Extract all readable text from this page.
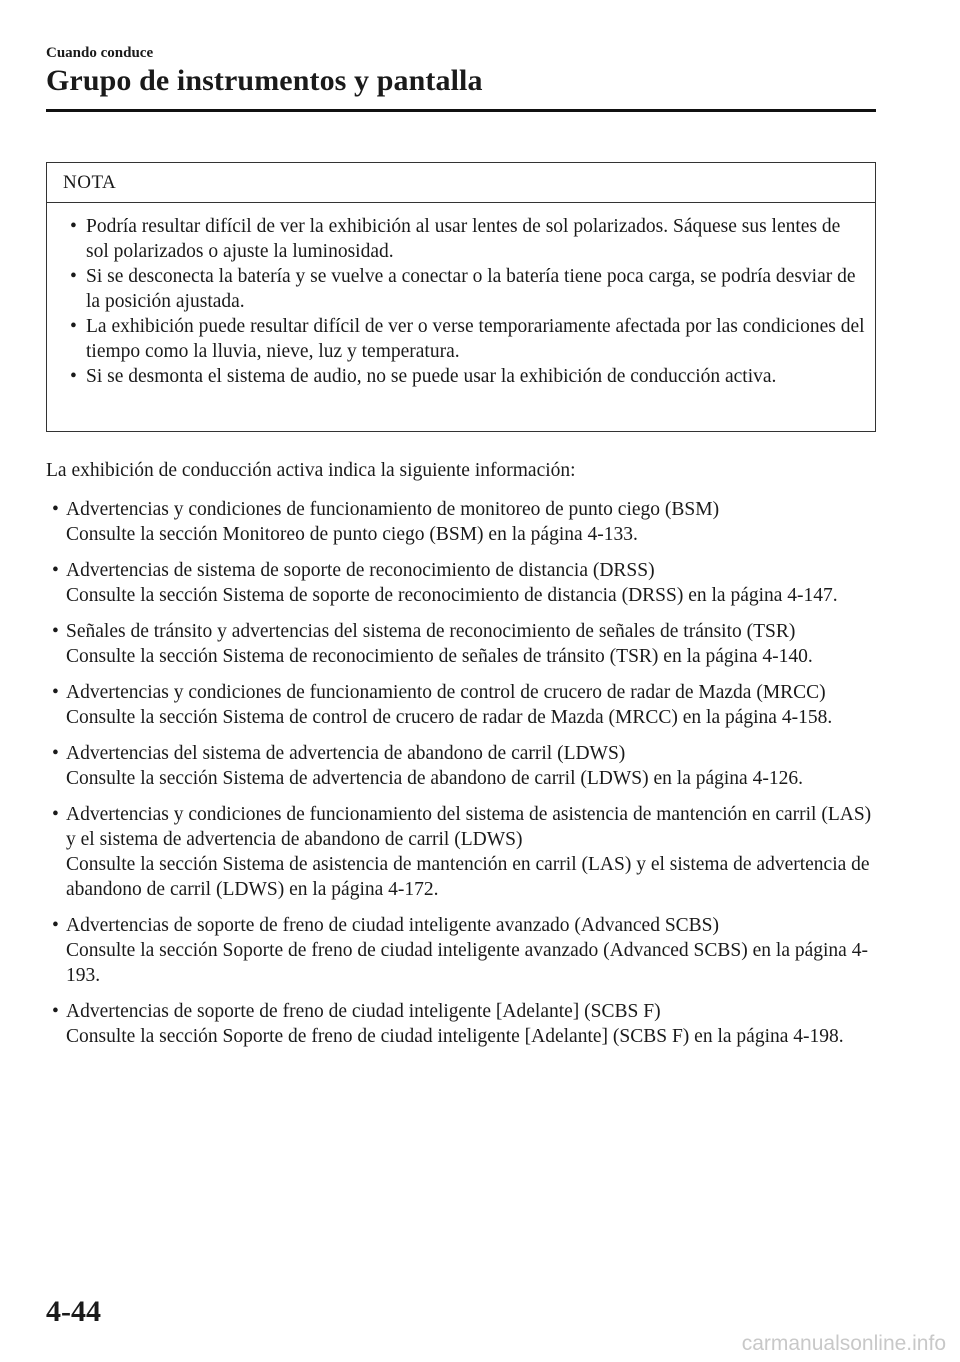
Cuando conduce
Grupo de instrumentos y pantalla
NOTA
• Podría resultar difícil de ver la exhibición al usar lentes de sol polarizados. Sáquese sus lentes de sol polarizados o ajuste la luminosidad.
• Si se desconecta la batería y se vuelve a conectar o la batería tiene poca carga, se podría desviar de la posición ajustada.
• La exhibición puede resultar difícil de ver o verse temporariamente afectada por las condiciones del tiempo como la lluvia, nieve, luz y temperatura.
• Si se desmonta el sistema de audio, no se puede usar la exhibición de conducción activa.
La exhibición de conducción activa indica la siguiente información:
• Advertencias y condiciones de funcionamiento de monitoreo de punto ciego (BSM)
Consulte la sección Monitoreo de punto ciego (BSM) en la página 4-133.
• Advertencias de sistema de soporte de reconocimiento de distancia (DRSS)
Consulte la sección Sistema de soporte de reconocimiento de distancia (DRSS) en la página 4-147.
• Señales de tránsito y advertencias del sistema de reconocimiento de señales de tránsito (TSR)
Consulte la sección Sistema de reconocimiento de señales de tránsito (TSR) en la página 4-140.
• Advertencias y condiciones de funcionamiento de control de crucero de radar de Mazda (MRCC)
Consulte la sección Sistema de control de crucero de radar de Mazda (MRCC) en la página 4-158.
• Advertencias del sistema de advertencia de abandono de carril (LDWS)
Consulte la sección Sistema de advertencia de abandono de carril (LDWS) en la página 4-126.
• Advertencias y condiciones de funcionamiento del sistema de asistencia de mantención en carril (LAS) y el sistema de advertencia de abandono de carril (LDWS)
Consulte la sección Sistema de asistencia de mantención en carril (LAS) y el sistema de advertencia de abandono de carril (LDWS) en la página 4-172.
• Advertencias de soporte de freno de ciudad inteligente avanzado (Advanced SCBS)
Consulte la sección Soporte de freno de ciudad inteligente avanzado (Advanced SCBS) en la página 4-193.
• Advertencias de soporte de freno de ciudad inteligente [Adelante] (SCBS F)
Consulte la sección Soporte de freno de ciudad inteligente [Adelante] (SCBS F) en la página 4-198.
4-44
carmanualsonline.info
